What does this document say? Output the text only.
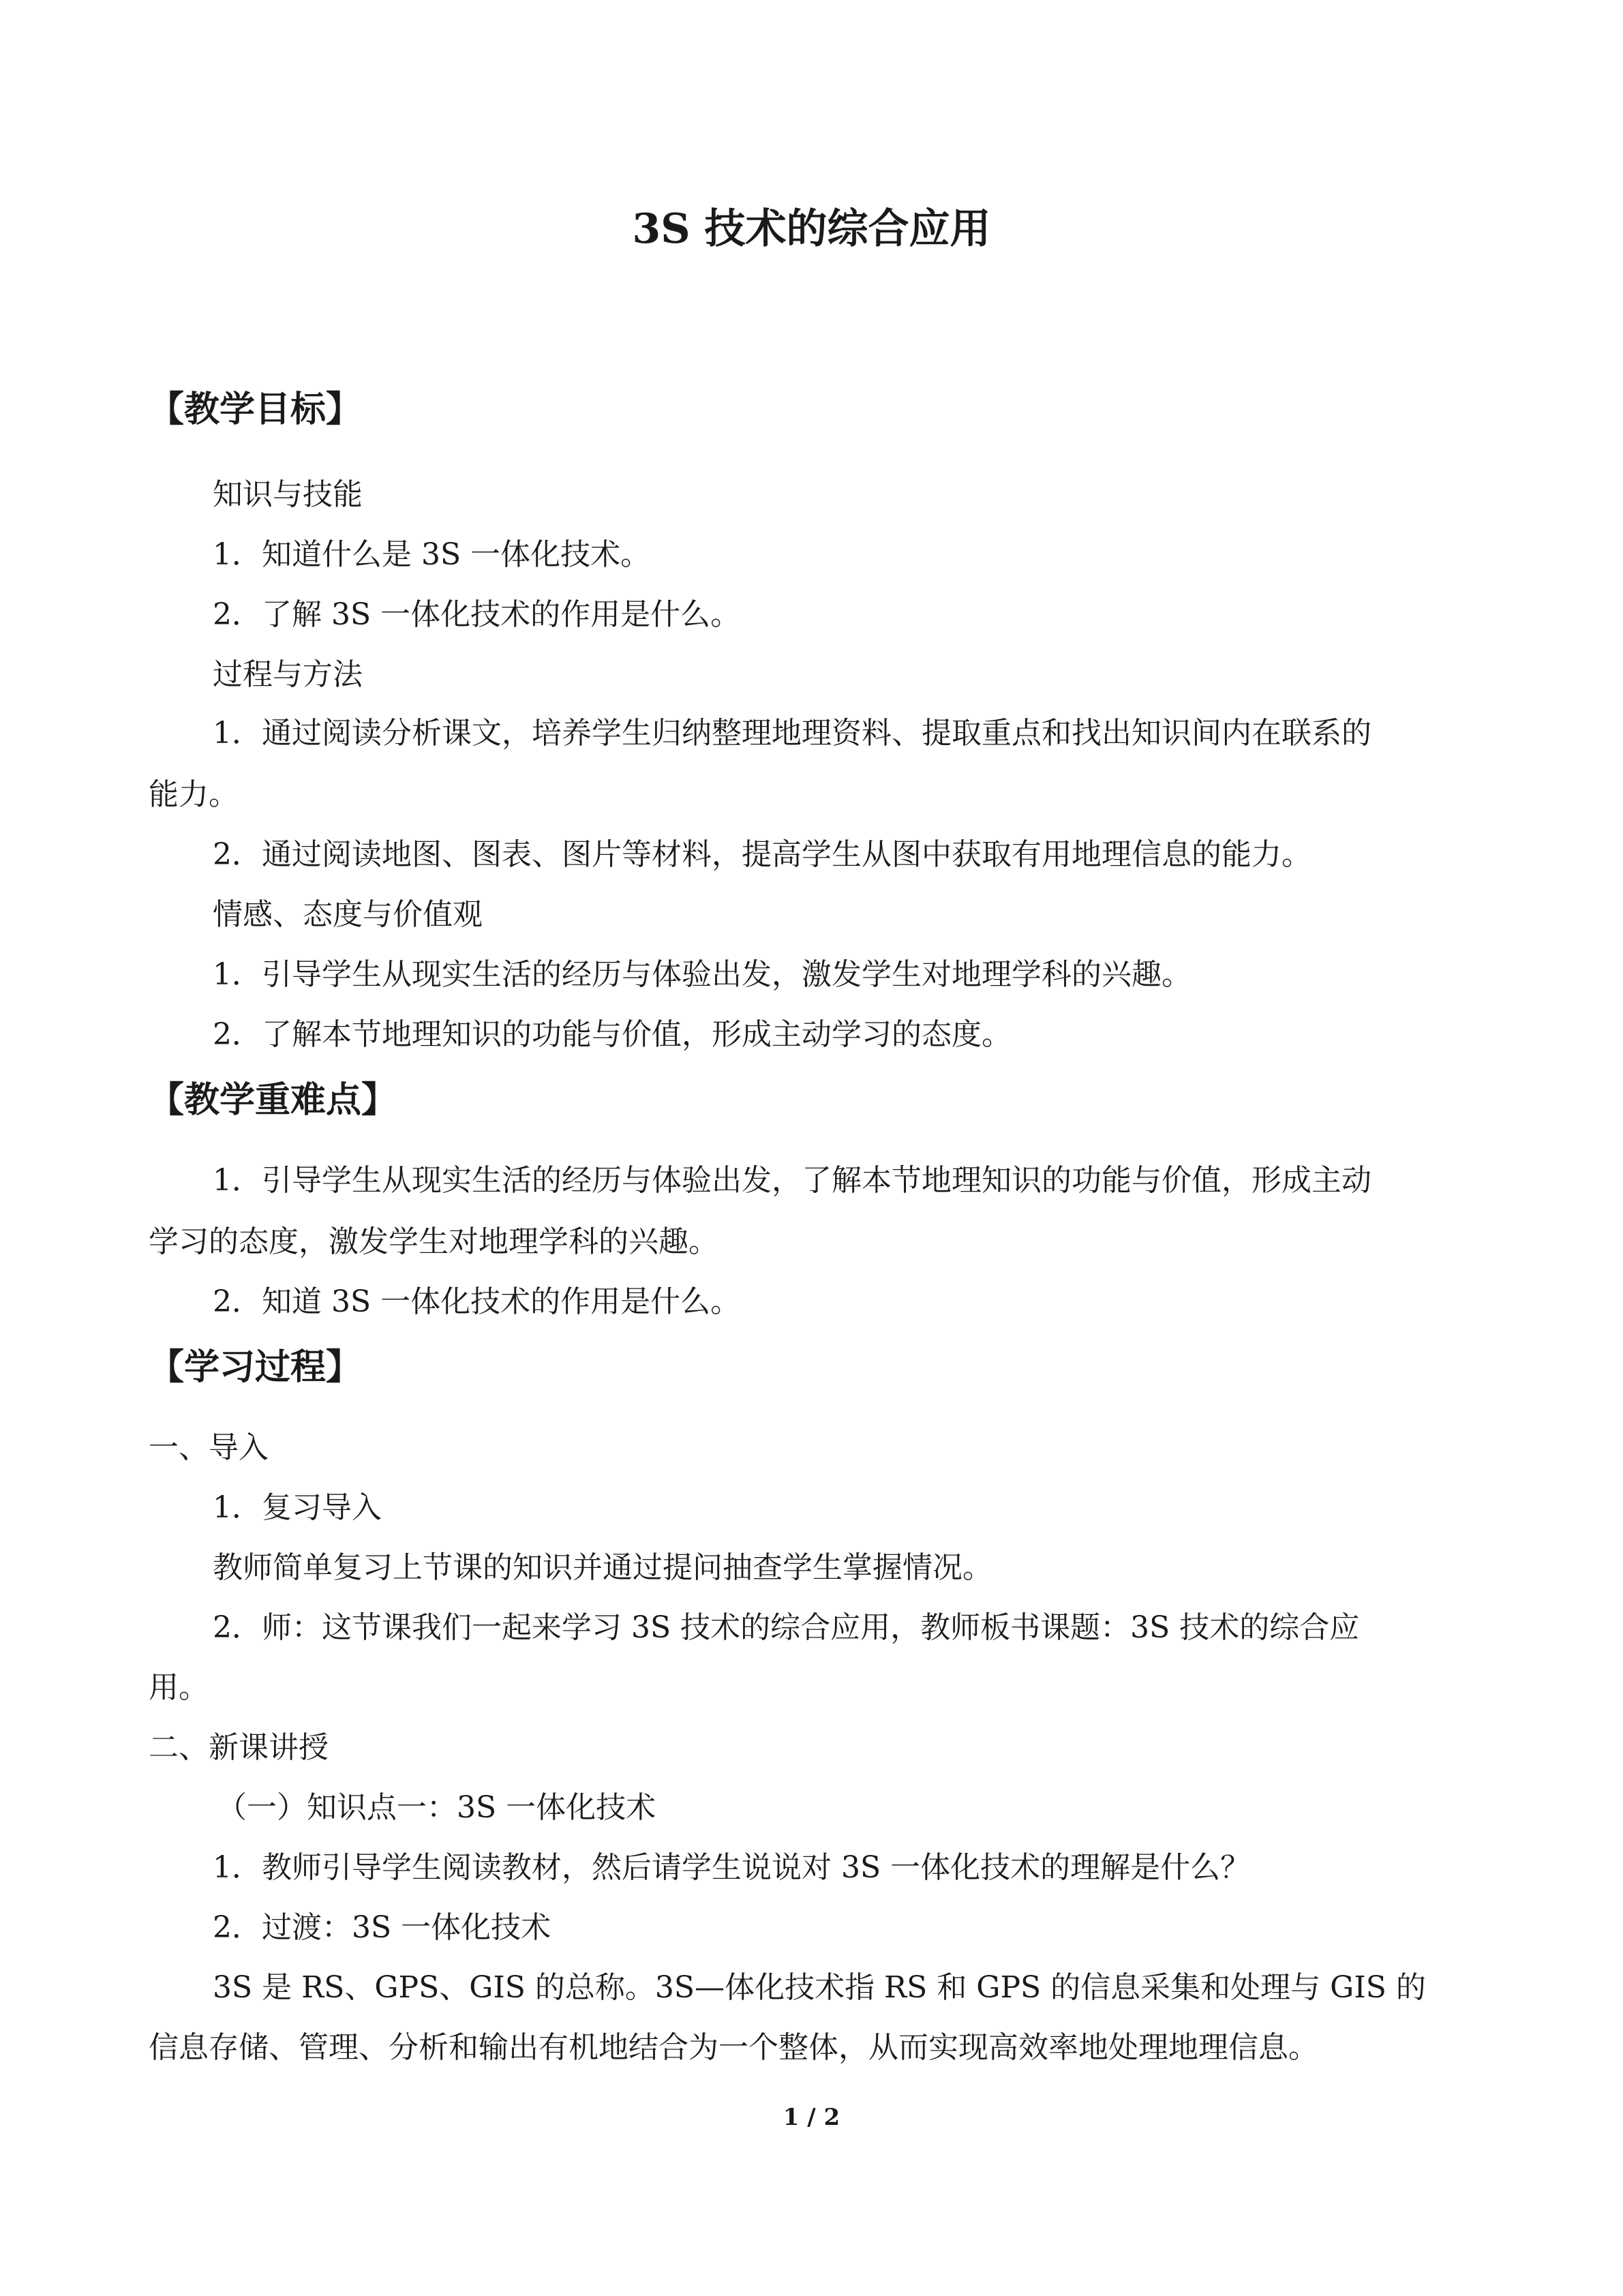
3S 技术的综合应用
【教学目标】
知识与技能
1．知道什么是 3S 一体化技术。
2．了解 3S 一体化技术的作用是什么。
过程与方法
1．通过阅读分析课文，培养学生归纳整理地理资料、提取重点和找出知识间内在联系的
能力。
2．通过阅读地图、图表、图片等材料，提高学生从图中获取有用地理信息的能力。
情感、态度与价值观
1．引导学生从现实生活的经历与体验出发，激发学生对地理学科的兴趣。
2．了解本节地理知识的功能与价值，形成主动学习的态度。
【教学重难点】
1．引导学生从现实生活的经历与体验出发，了解本节地理知识的功能与价值，形成主动
学习的态度，激发学生对地理学科的兴趣。
2．知道 3S 一体化技术的作用是什么。
【学习过程】
一、导入
1．复习导入
教师简单复习上节课的知识并通过提问抽查学生掌握情况。
2．师：这节课我们一起来学习 3S 技术的综合应用，教师板书课题：3S 技术的综合应
用。
二、新课讲授
（一）知识点一：3S 一体化技术
1．教师引导学生阅读教材，然后请学生说说对 3S 一体化技术的理解是什么？
2．过渡：3S 一体化技术
3S 是 RS、GPS、GIS 的总称。3S—体化技术指 RS 和 GPS 的信息采集和处理与 GIS 的
信息存储、管理、分析和输出有机地结合为一个整体，从而实现高效率地处理地理信息。
1 / 2
